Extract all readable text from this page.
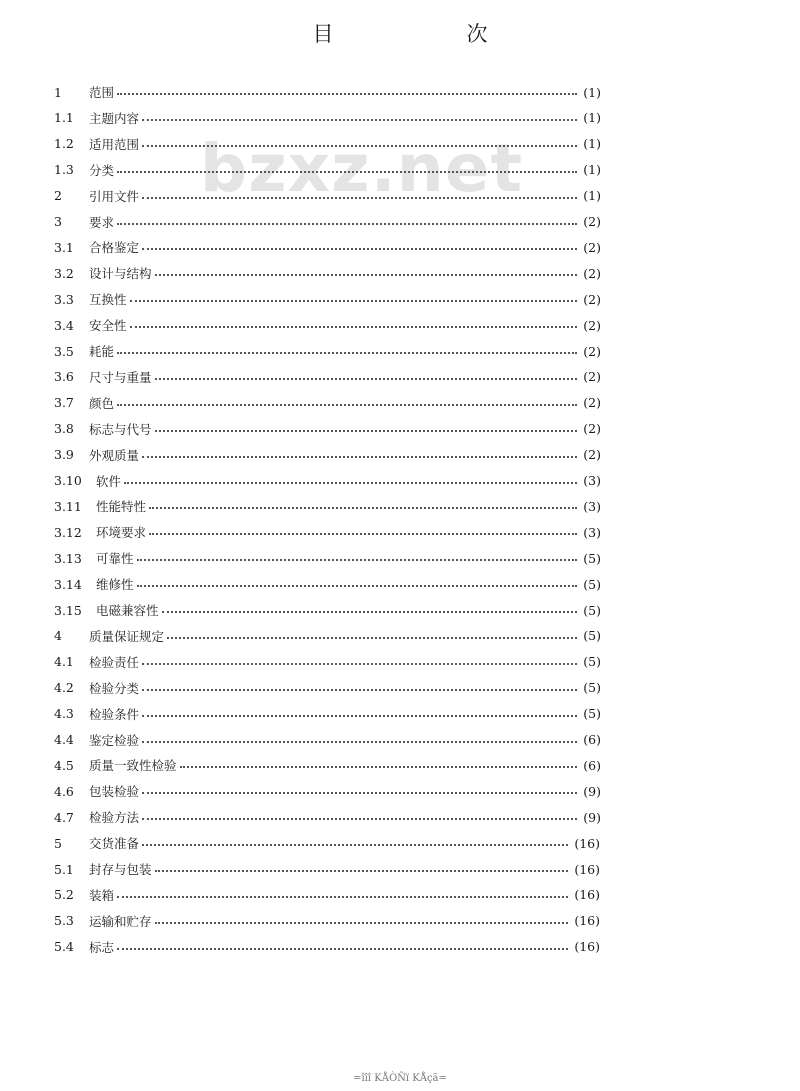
目　次
bzxz.net
1	范围	(1)
1.1	主题内容	(1)
1.2	适用范围	(1)
1.3	分类	(1)
2	引用文件	(1)
3	要求	(2)
3.1	合格鉴定	(2)
3.2	设计与结构	(2)
3.3	互换性	(2)
3.4	安全性	(2)
3.5	耗能	(2)
3.6	尺寸与重量	(2)
3.7	颜色	(2)
3.8	标志与代号	(2)
3.9	外观质量	(2)
3.10	软件	(3)
3.11	性能特性	(3)
3.12	环境要求	(3)
3.13	可靠性	(5)
3.14	维修性	(5)
3.15	电磁兼容性	(5)
4	质量保证规定	(5)
4.1	检验责任	(5)
4.2	检验分类	(5)
4.3	检验条件	(5)
4.4	鉴定检验	(6)
4.5	质量一致性检验	(6)
4.6	包装检验	(9)
4.7	检验方法	(9)
5	交货准备	(16)
5.1	封存与包装	(16)
5.2	装箱	(16)
5.3	运输和贮存	(16)
5.4	标志	(16)
=îîî KÅÒÑï KÅçã=
